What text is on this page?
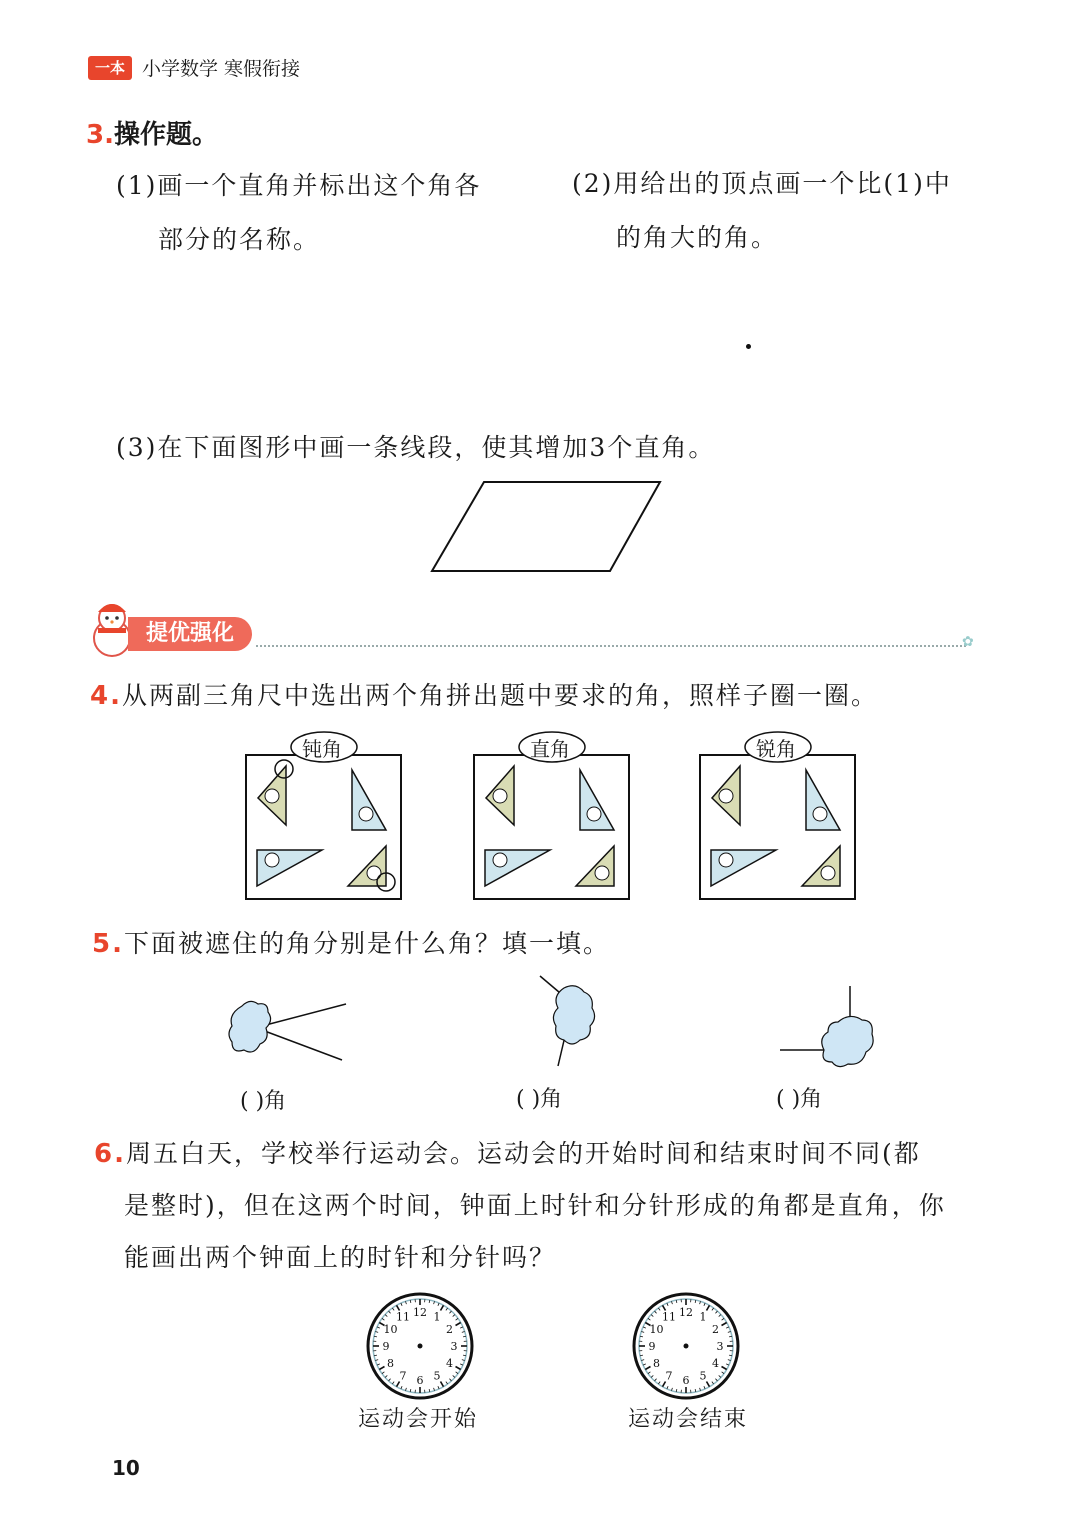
一本 小学数学 寒假衔接
3.操作题。
(1)画一个直角并标出这个角各
部分的名称。
(2)用给出的顶点画一个比(1)中
的角大的角。
(3)在下面图形中画一条线段，使其增加3个直角。
提优强化	✿
4.从两副三角尺中选出两个角拼出题中要求的角，照样子圈一圈。
钝角	直角	锐角
5.下面被遮住的角分别是什么角？填一填。
( )角	( )角	( )角
6.周五白天，学校举行运动会。运动会的开始时间和结束时间不同(都
是整时)，但在这两个时间，钟面上时针和分针形成的角都是直角，你
能画出两个钟面上的时针和分针吗？
12 1
2
3
4
5
6
7
8
9
10
11	12 1
2
3
4
5
6
7
8
9
10
11
运动会开始	运动会结束
10
